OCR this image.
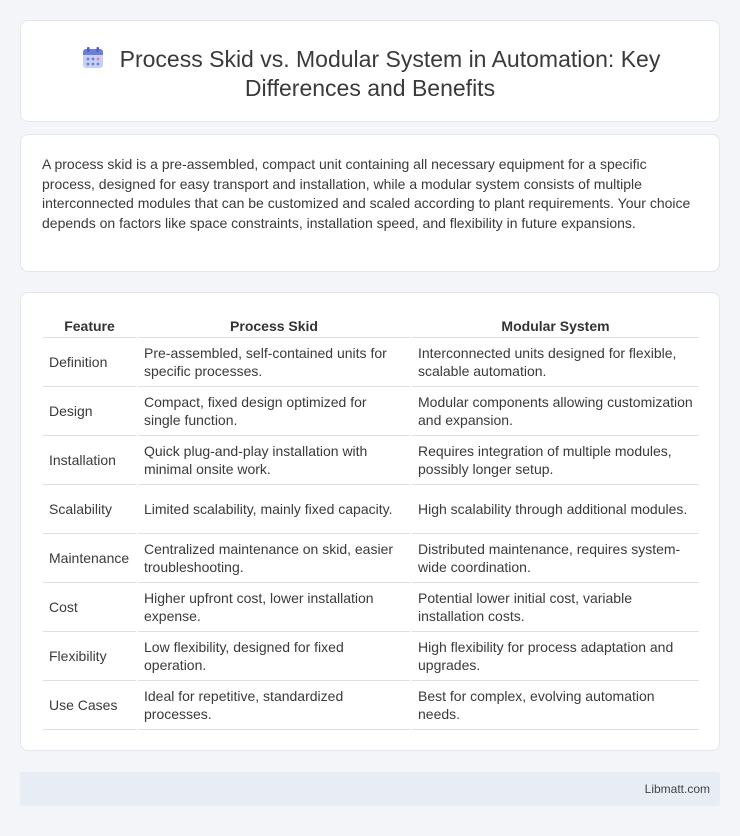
Process Skid vs. Modular System in Automation: Key Differences and Benefits

A process skid is a pre-assembled, compact unit containing all necessary equipment for a specific process, designed for easy transport and installation, while a modular system consists of multiple interconnected modules that can be customized and scaled according to plant requirements. Your choice depends on factors like space constraints, installation speed, and flexibility in future expansions.

Feature	Process Skid	Modular System
Definition	Pre-assembled, self-contained units for specific processes.	Interconnected units designed for flexible, scalable automation.
Design	Compact, fixed design optimized for single function.	Modular components allowing customization and expansion.
Installation	Quick plug-and-play installation with minimal onsite work.	Requires integration of multiple modules, possibly longer setup.
Scalability	Limited scalability, mainly fixed capacity.	High scalability through additional modules.
Maintenance	Centralized maintenance on skid, easier troubleshooting.	Distributed maintenance, requires system-wide coordination.
Cost	Higher upfront cost, lower installation expense.	Potential lower initial cost, variable installation costs.
Flexibility	Low flexibility, designed for fixed operation.	High flexibility for process adaptation and upgrades.
Use Cases	Ideal for repetitive, standardized processes.	Best for complex, evolving automation needs.
Libmatt.com
